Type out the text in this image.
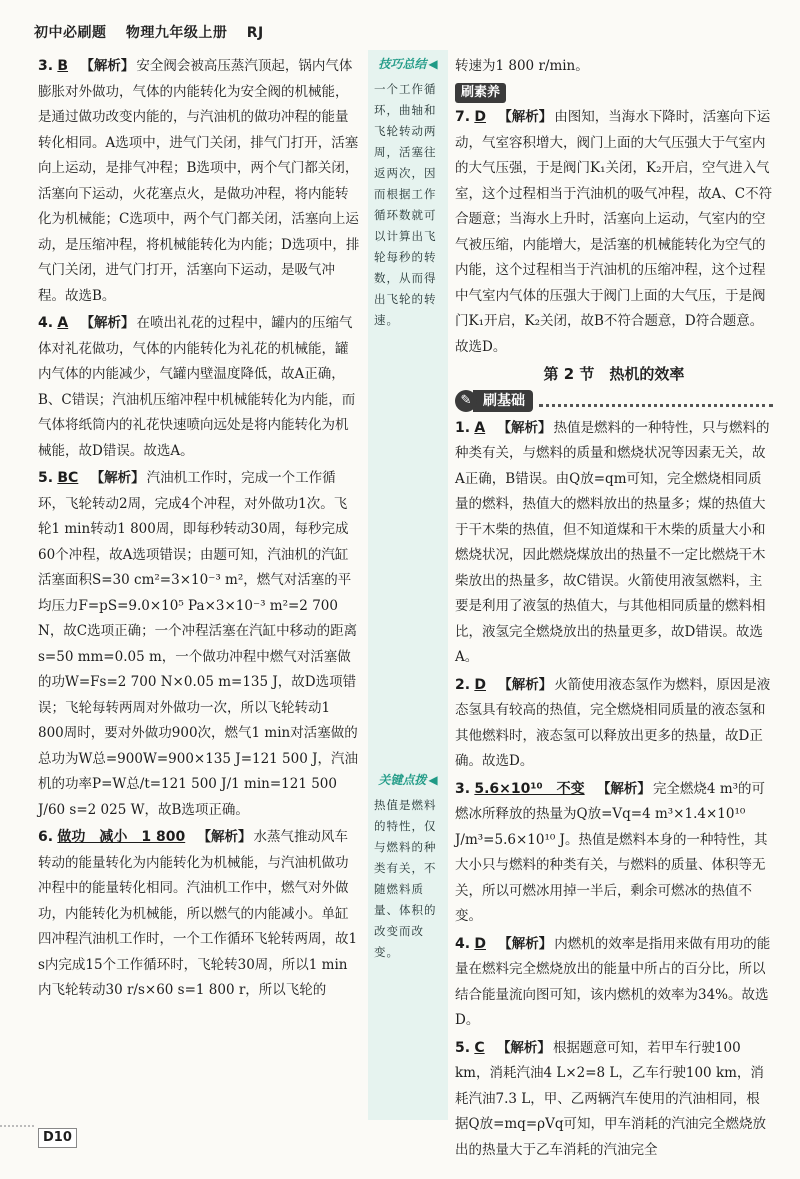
初中必刷题 物理九年级上册 RJ
3. B 【解析】 安全阀会被高压蒸汽顶起，锅内气体膨胀对外做功，气体的内能转化为安全阀的机械能，是通过做功改变内能的，与汽油机的做功冲程的能量转化相同。A选项中，进气门关闭，排气门打开，活塞向上运动，是排气冲程；B选项中，两个气门都关闭，活塞向下运动，火花塞点火，是做功冲程，将内能转化为机械能；C选项中，两个气门都关闭，活塞向上运动，是压缩冲程，将机械能转化为内能；D选项中，排气门关闭，进气门打开，活塞向下运动，是吸气冲程。故选B。
4. A 【解析】 在喷出礼花的过程中，罐内的压缩气体对礼花做功，气体的内能转化为礼花的机械能，罐内气体的内能减少，气罐内壁温度降低，故A正确，B、C错误；汽油机压缩冲程中机械能转化为内能，而气体将纸筒内的礼花快速喷向远处是将内能转化为机械能，故D错误。故选A。
5. BC 【解析】 汽油机工作时，完成一个工作循环，飞轮转动2周，完成4个冲程，对外做功1次。飞轮1 min转动1 800周，即每秒转动30周，每秒完成60个冲程，故A选项错误；由题可知，汽油机的汽缸活塞面积S=30 cm²=3×10⁻³ m²，燃气对活塞的平均压力F=pS=9.0×10⁵ Pa×3×10⁻³ m²=2 700 N，故C选项正确；一个冲程活塞在汽缸中移动的距离s=50 mm=0.05 m，一个做功冲程中燃气对活塞做的功W=Fs=2 700 N×0.05 m=135 J，故D选项错误；飞轮每转两周对外做功一次，所以飞轮转动1 800周时，要对外做功900次，燃气1 min对活塞做的总功为W总=900W=900×135 J=121 500 J，汽油机的功率P=W总/t=121 500 J/1 min=121 500 J/60 s=2 025 W，故B选项正确。
6. 做功　减小　1 800 【解析】 水蒸气推动风车转动的能量转化为内能转化为机械能，与汽油机做功冲程中的能量转化相同。汽油机工作中，燃气对外做功，内能转化为机械能，所以燃气的内能减小。单缸四冲程汽油机工作时，一个工作循环飞轮转两周，故1 s内完成15个工作循环时，飞轮转30周，所以1 min内飞轮转动30 r/s×60 s=1 800 r，所以飞轮的
技巧总结 ◀
一个工作循环，曲轴和飞轮转动两周，活塞往返两次，因而根据工作循环数就可以计算出飞轮每秒的转数，从而得出飞轮的转速。
关键点拨 ◀
热值是燃料的特性，仅与燃料的种类有关，不随燃料质量、体积的改变而改变。
转速为1 800 r/min。
刷素养
7. D 【解析】 由图知，当海水下降时，活塞向下运动，气室容积增大，阀门上面的大气压强大于气室内的大气压强，于是阀门K₁关闭，K₂开启，空气进入气室，这个过程相当于汽油机的吸气冲程，故A、C不符合题意；当海水上升时，活塞向上运动，气室内的空气被压缩，内能增大，是活塞的机械能转化为空气的内能，这个过程相当于汽油机的压缩冲程，这个过程中气室内气体的压强大于阀门上面的大气压，于是阀门K₁开启，K₂关闭，故B不符合题意，D符合题意。故选D。
第 2 节　热机的效率
✎ 刷基础
1. A 【解析】 热值是燃料的一种特性，只与燃料的种类有关，与燃料的质量和燃烧状况等因素无关，故A正确，B错误。由Q放=qm可知，完全燃烧相同质量的燃料，热值大的燃料放出的热量多；煤的热值大于干木柴的热值，但不知道煤和干木柴的质量大小和燃烧状况，因此燃烧煤放出的热量不一定比燃烧干木柴放出的热量多，故C错误。火箭使用液氢燃料，主要是利用了液氢的热值大，与其他相同质量的燃料相比，液氢完全燃烧放出的热量更多，故D错误。故选A。
2. D 【解析】 火箭使用液态氢作为燃料，原因是液态氢具有较高的热值，完全燃烧相同质量的液态氢和其他燃料时，液态氢可以释放出更多的热量，故D正确。故选D。
3. 5.6×10¹⁰　不变 【解析】 完全燃烧4 m³的可燃冰所释放的热量为Q放=Vq=4 m³×1.4×10¹⁰ J/m³=5.6×10¹⁰ J。热值是燃料本身的一种特性，其大小只与燃料的种类有关，与燃料的质量、体积等无关，所以可燃冰用掉一半后，剩余可燃冰的热值不变。
4. D 【解析】 内燃机的效率是指用来做有用功的能量在燃料完全燃烧放出的能量中所占的百分比，所以结合能量流向图可知，该内燃机的效率为34%。故选D。
5. C 【解析】 根据题意可知，若甲车行驶100 km，消耗汽油4 L×2=8 L，乙车行驶100 km，消耗汽油7.3 L，甲、乙两辆汽车使用的汽油相同，根据Q放=mq=ρVq可知，甲车消耗的汽油完全燃烧放出的热量大于乙车消耗的汽油完全
D10
